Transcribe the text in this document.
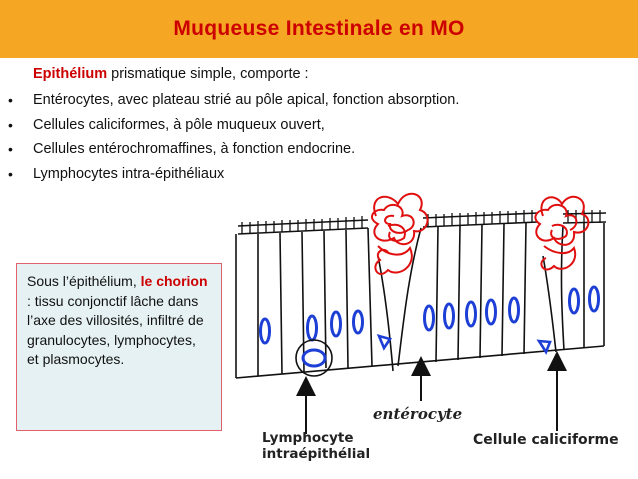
Muqueuse Intestinale en MO
Epithélium prismatique simple, comporte :
• Entérocytes, avec plateau strié au pôle apical, fonction absorption.
• Cellules caliciformes, à pôle muqueux ouvert,
• Cellules entérochromaffines, à fonction endocrine.
• Lymphocytes intra-épithéliaux
Sous l’épithélium, le chorion : tissu conjonctif lâche dans l’axe des villosités, infiltré de granulocytes, lymphocytes, et plasmocytes.
Lymphocyte
intraépithélial
entérocyte
Cellule caliciforme
